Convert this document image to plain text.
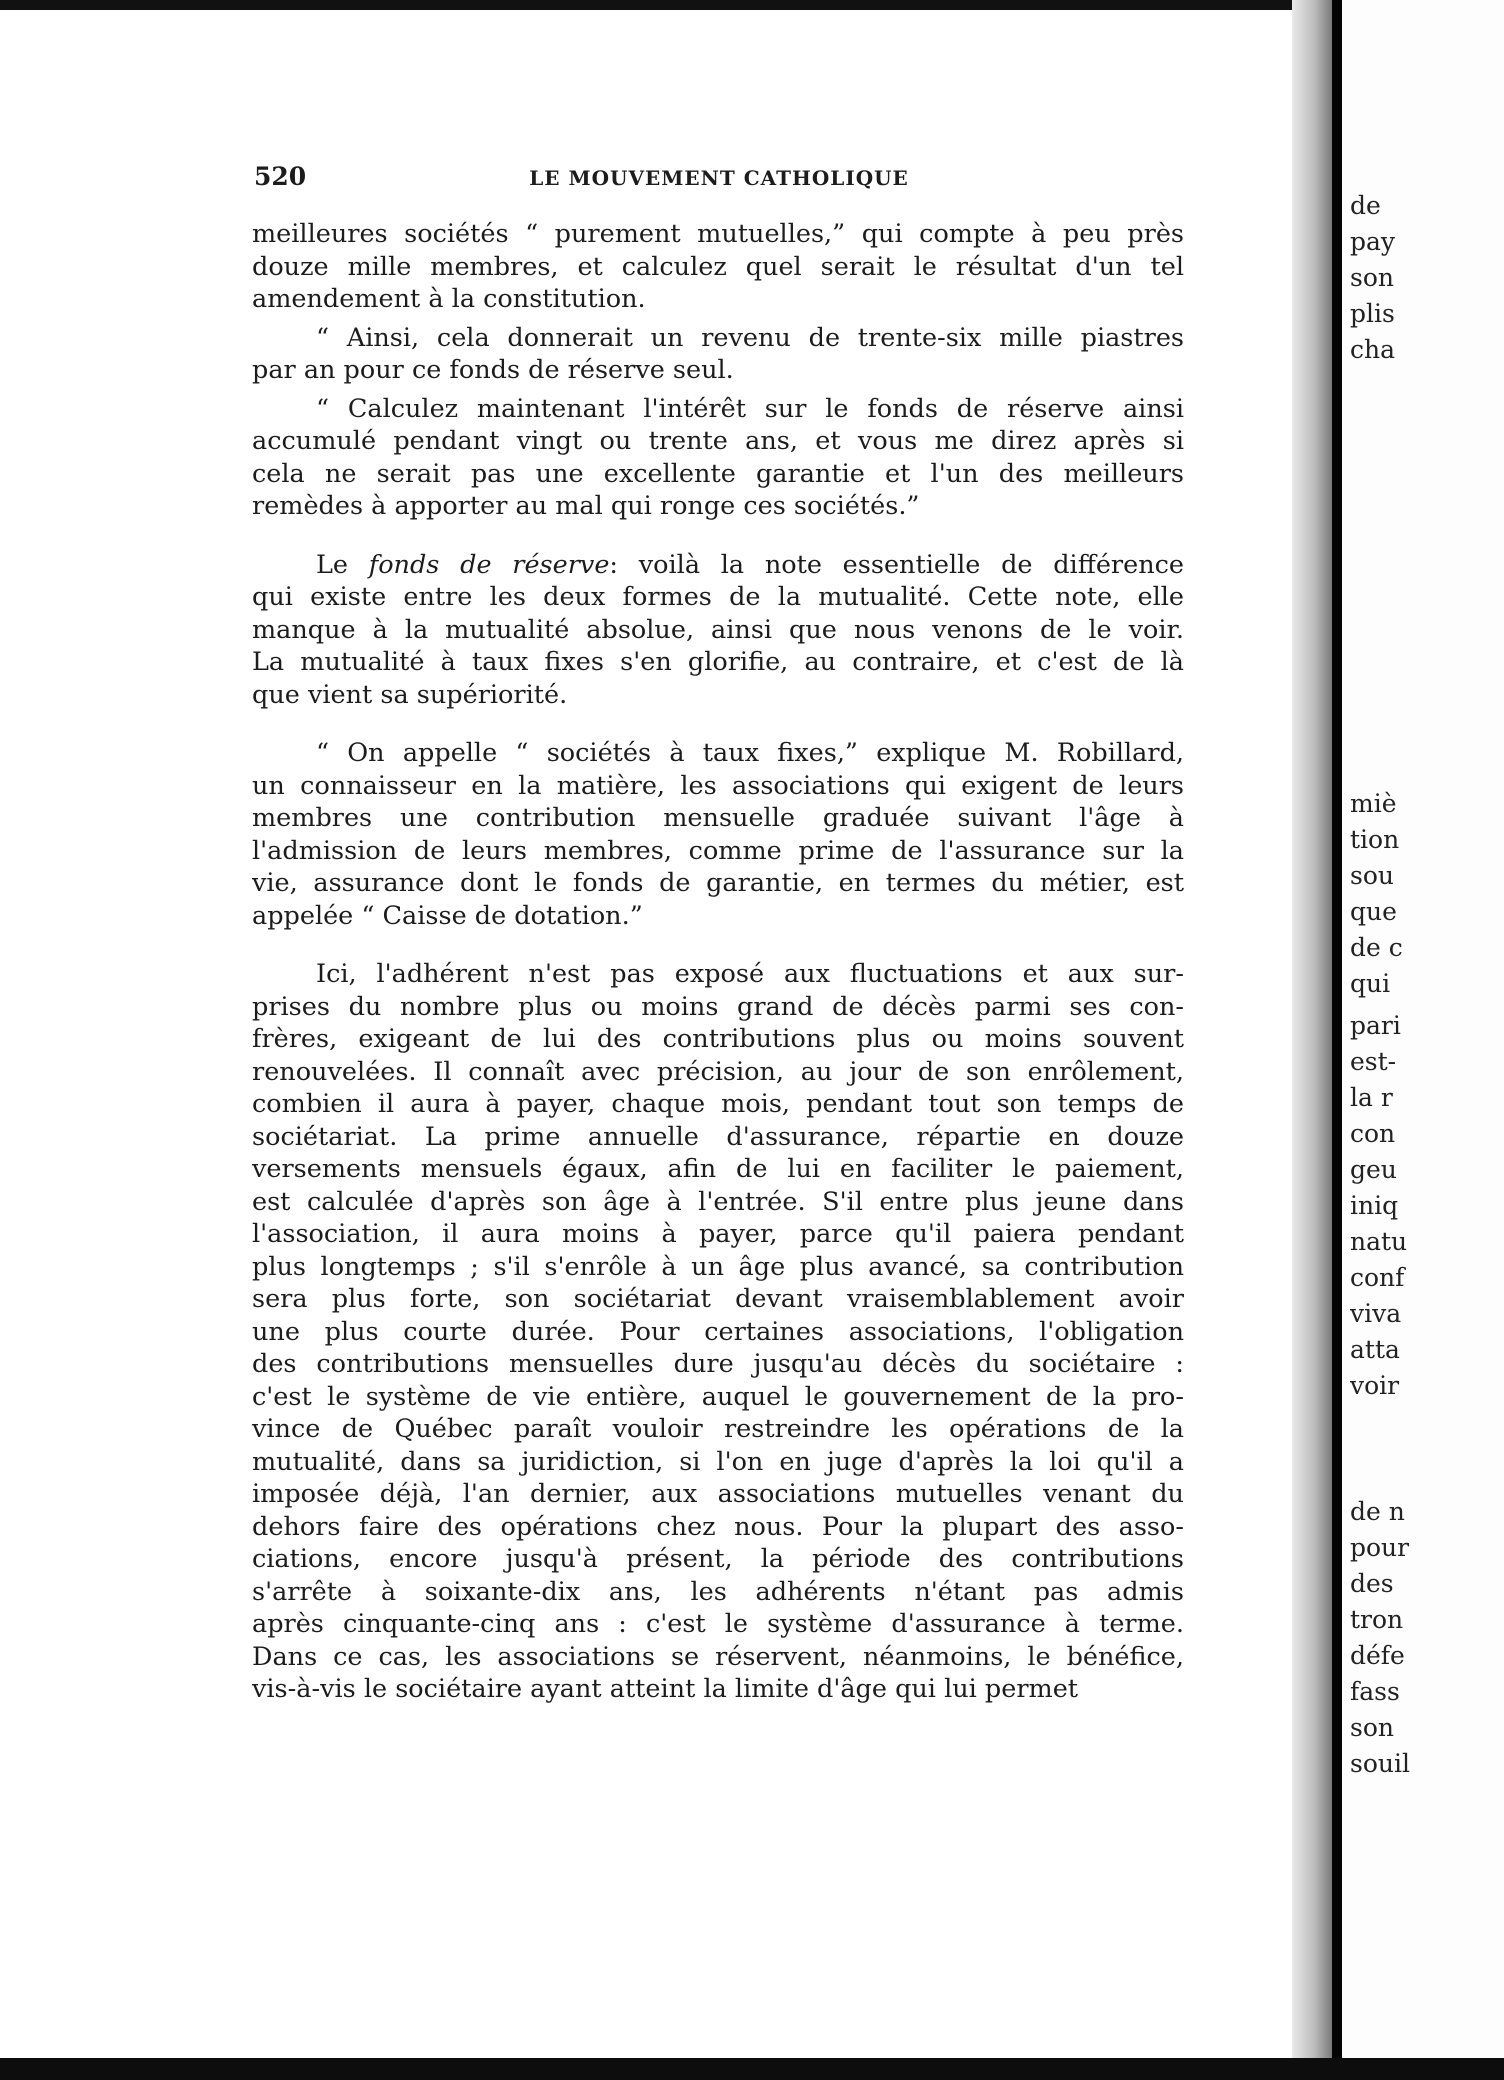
520	LE MOUVEMENT CATHOLIQUE
meilleures sociétés “ purement mutuelles,” qui compte à peu près
douze mille membres, et calculez quel serait le résultat d'un tel
amendement à la constitution.
“ Ainsi, cela donnerait un revenu de trente-six mille piastres
par an pour ce fonds de réserve seul.
“ Calculez maintenant l'intérêt sur le fonds de réserve ainsi
accumulé pendant vingt ou trente ans, et vous me direz après si
cela ne serait pas une excellente garantie et l'un des meilleurs
remèdes à apporter au mal qui ronge ces sociétés.”
Le fonds de réserve: voilà la note essentielle de différence
qui existe entre les deux formes de la mutualité. Cette note, elle
manque à la mutualité absolue, ainsi que nous venons de le voir.
La mutualité à taux fixes s'en glorifie, au contraire, et c'est de là
que vient sa supériorité.
“ On appelle “ sociétés à taux fixes,” explique M. Robillard,
un connaisseur en la matière, les associations qui exigent de leurs
membres une contribution mensuelle graduée suivant l'âge à
l'admission de leurs membres, comme prime de l'assurance sur la
vie, assurance dont le fonds de garantie, en termes du métier, est
appelée “ Caisse de dotation.”
Ici, l'adhérent n'est pas exposé aux fluctuations et aux sur-
prises du nombre plus ou moins grand de décès parmi ses con-
frères, exigeant de lui des contributions plus ou moins souvent
renouvelées. Il connaît avec précision, au jour de son enrôlement,
combien il aura à payer, chaque mois, pendant tout son temps de
sociétariat. La prime annuelle d'assurance, répartie en douze
versements mensuels égaux, afin de lui en faciliter le paiement,
est calculée d'après son âge à l'entrée. S'il entre plus jeune dans
l'association, il aura moins à payer, parce qu'il paiera pendant
plus longtemps ; s'il s'enrôle à un âge plus avancé, sa contribution
sera plus forte, son sociétariat devant vraisemblablement avoir
une plus courte durée. Pour certaines associations, l'obligation
des contributions mensuelles dure jusqu'au décès du sociétaire :
c'est le système de vie entière, auquel le gouvernement de la pro-
vince de Québec paraît vouloir restreindre les opérations de la
mutualité, dans sa juridiction, si l'on en juge d'après la loi qu'il a
imposée déjà, l'an dernier, aux associations mutuelles venant du
dehors faire des opérations chez nous. Pour la plupart des asso-
ciations, encore jusqu'à présent, la période des contributions
s'arrête à soixante-dix ans, les adhérents n'étant pas admis
après cinquante-cinq ans : c'est le système d'assurance à terme.
Dans ce cas, les associations se réservent, néanmoins, le bénéfice,
vis-à-vis le sociétaire ayant atteint la limite d'âge qui lui permet
de
pay
son
plis
cha
miè
tion
sou
que
de c
qui
pari
est-
la r
con
geu
iniq
natu
conf
viva
atta
voir
de n
pour
des
tron
défe
fass
son
souil
